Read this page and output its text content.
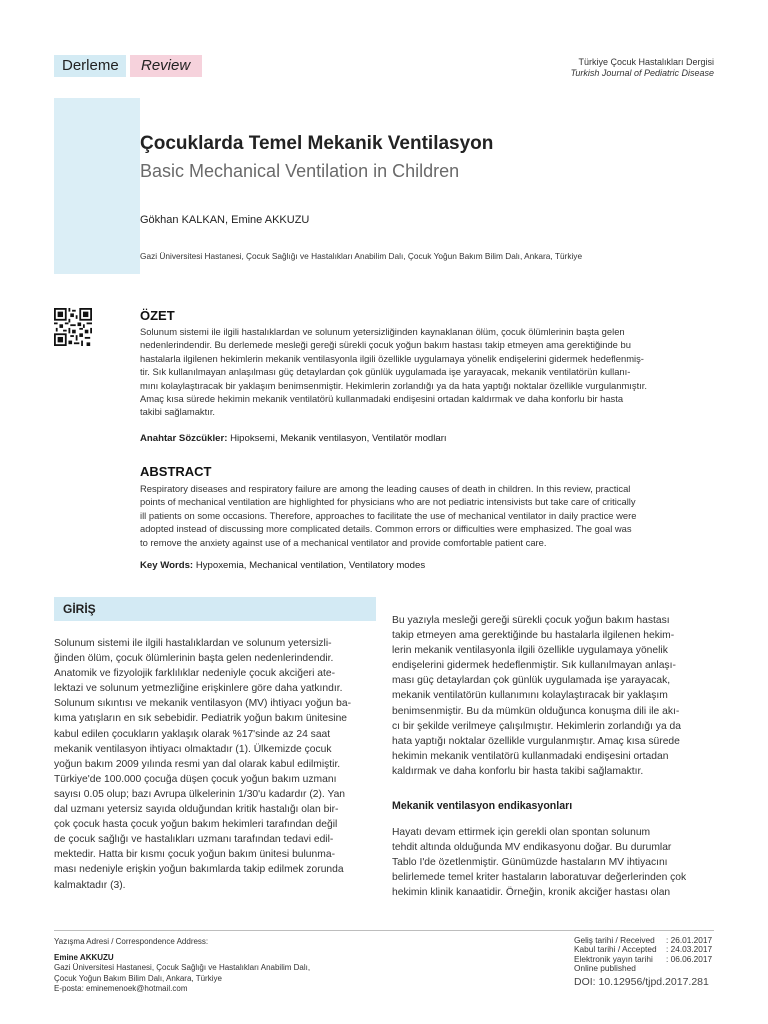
Derleme	Review	Türkiye Çocuk Hastalıkları Dergisi
Turkish Journal of Pediatric Disease
Çocuklarda Temel Mekanik Ventilasyon
Basic Mechanical Ventilation in Children
Gökhan KALKAN, Emine AKKUZU
Gazi Üniversitesi Hastanesi, Çocuk Sağlığı ve Hastalıkları Anabilim Dalı, Çocuk Yoğun Bakım Bilim Dalı, Ankara, Türkiye
ÖZET
Solunum sistemi ile ilgili hastalıklardan ve solunum yetersizliğinden kaynaklanan ölüm, çocuk ölümlerinin başta gelen
nedenlerindendir. Bu derlemede mesleği gereği sürekli çocuk yoğun bakım hastası takip etmeyen ama gerektiğinde bu
hastalarla ilgilenen hekimlerin mekanik ventilasyonla ilgili özellikle uygulamaya yönelik endişelerini gidermek hedeflenmiş-
tir. Sık kullanılmayan anlaşılması güç detaylardan çok günlük uygulamada işe yarayacak, mekanik ventilatörün kullanı-
mını kolaylaştıracak bir yaklaşım benimsenmiştir. Hekimlerin zorlandığı ya da hata yaptığı noktalar özellikle vurgulanmıştır.
Amaç kısa sürede hekimin mekanik ventilatörü kullanmadaki endişesini ortadan kaldırmak ve daha konforlu bir hasta
takibi sağlamaktır.
Anahtar Sözcükler: Hipoksemi, Mekanik ventilasyon, Ventilatör modları
ABSTRACT
Respiratory diseases and respiratory failure are among the leading causes of death in children. In this review, practical
points of mechanical ventilation are highlighted for physicians who are not pediatric intensivists but take care of critically
ill patients on some occasions. Therefore, approaches to facilitate the use of mechanical ventilator in daily practice were
adopted instead of discussing more complicated details. Common errors or difficulties were emphasized. The goal was
to remove the anxiety against use of a mechanical ventilator and provide comfortable patient care.
Key Words: Hypoxemia, Mechanical ventilation, Ventilatory modes
GİRİŞ
Solunum sistemi ile ilgili hastalıklardan ve solunum yetersizli-
ğinden ölüm, çocuk ölümlerinin başta gelen nedenlerindendir.
Anatomik ve fizyolojik farklılıklar nedeniyle çocuk akciğeri ate-
lektazi ve solunum yetmezliğine erişkinlere göre daha yatkındır.
Solunum sıkıntısı ve mekanik ventilasyon (MV) ihtiyacı yoğun ba-
kıma yatışların en sık sebebidir. Pediatrik yoğun bakım ünitesine
kabul edilen çocukların yaklaşık olarak %17'sinde az 24 saat
mekanik ventilasyon ihtiyacı olmaktadır (1). Ülkemizde çocuk
yoğun bakım 2009 yılında resmi yan dal olarak kabul edilmiştir.
Türkiye'de 100.000 çocuğa düşen çocuk yoğun bakım uzmanı
sayısı 0.05 olup; bazı Avrupa ülkelerinin 1/30'u kadardır (2). Yan
dal uzmanı yetersiz sayıda olduğundan kritik hastalığı olan bir-
çok çocuk hasta çocuk yoğun bakım hekimleri tarafından değil
de çocuk sağlığı ve hastalıkları uzmanı tarafından tedavi edil-
mektedir. Hatta bir kısmı çocuk yoğun bakım ünitesi bulunma-
ması nedeniyle erişkin yoğun bakımlarda takip edilmek zorunda
kalmaktadır (3).
Bu yazıyla mesleği gereği sürekli çocuk yoğun bakım hastası
takip etmeyen ama gerektiğinde bu hastalarla ilgilenen hekim-
lerin mekanik ventilasyonla ilgili özellikle uygulamaya yönelik
endişelerini gidermek hedeflenmiştir. Sık kullanılmayan anlaşı-
ması güç detaylardan çok günlük uygulamada işe yarayacak,
mekanik ventilatörün kullanımını kolaylaştıracak bir yaklaşım
benimsenmiştir. Bu da mümkün olduğunca konuşma dili ile akı-
cı bir şekilde verilmeye çalışılmıştır. Hekimlerin zorlandığı ya da
hata yaptığı noktalar özellikle vurgulanmıştır. Amaç kısa sürede
hekimin mekanik ventilatörü kullanmadaki endişesini ortadan
kaldırmak ve daha konforlu bir hasta takibi sağlamaktır.
Mekanik ventilasyon endikasyonları
Hayatı devam ettirmek için gerekli olan spontan solunum
tehdit altında olduğunda MV endikasyonu doğar. Bu durumlar
Tablo I'de özetlenmiştir. Günümüzde hastaların MV ihtiyacını
belirlemede temel kriter hastaların laboratuvar değerlerinden çok
hekimin klinik kanaatidir. Örneğin, kronik akciğer hastası olan
Yazışma Adresi / Correspondence Address:
Emine AKKUZU
Gazi Üniversitesi Hastanesi, Çocuk Sağlığı ve Hastalıkları Anabilim Dalı,
Çocuk Yoğun Bakım Bilim Dalı, Ankara, Türkiye
E-posta: eminemenoek@hotmail.com
Geliş tarihi / Received	: 26.01.2017
Kabul tarihi / Accepted	: 24.03.2017
Elektronik yayın tarihi	: 06.06.2017
Online published
DOI: 10.12956/tjpd.2017.281
